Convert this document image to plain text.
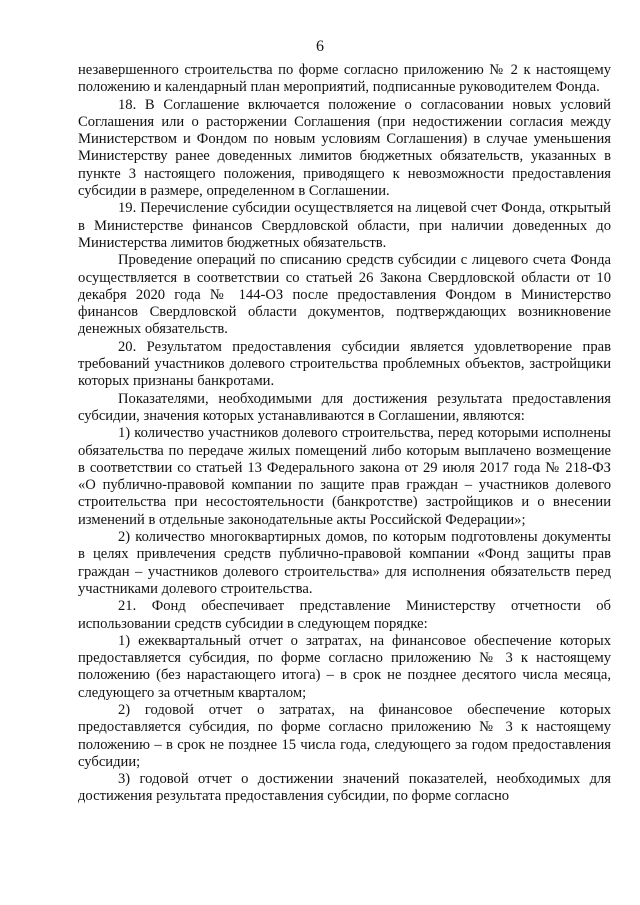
6

незавершенного строительства по форме согласно приложению № 2 к настоящему положению и календарный план мероприятий, подписанные руководителем Фонда.

18. В Соглашение включается положение о согласовании новых условий Соглашения или о расторжении Соглашения (при недостижении согласия между Министерством и Фондом по новым условиям Соглашения) в случае уменьшения Министерству ранее доведенных лимитов бюджетных обязательств, указанных в пункте 3 настоящего положения, приводящего к невозможности предоставления субсидии в размере, определенном в Соглашении.

19. Перечисление субсидии осуществляется на лицевой счет Фонда, открытый в Министерстве финансов Свердловской области, при наличии доведенных до Министерства лимитов бюджетных обязательств.

Проведение операций по списанию средств субсидии с лицевого счета Фонда осуществляется в соответствии со статьей 26 Закона Свердловской области от 10 декабря 2020 года № 144-ОЗ после предоставления Фондом в Министерство финансов Свердловской области документов, подтверждающих возникновение денежных обязательств.

20. Результатом предоставления субсидии является удовлетворение прав требований участников долевого строительства проблемных объектов, застройщики которых признаны банкротами.

Показателями, необходимыми для достижения результата предоставления субсидии, значения которых устанавливаются в Соглашении, являются:

1) количество участников долевого строительства, перед которыми исполнены обязательства по передаче жилых помещений либо которым выплачено возмещение в соответствии со статьей 13 Федерального закона от 29 июля 2017 года № 218-ФЗ «О публично-правовой компании по защите прав граждан – участников долевого строительства при несостоятельности (банкротстве) застройщиков и о внесении изменений в отдельные законодательные акты Российской Федерации»;

2) количество многоквартирных домов, по которым подготовлены документы в целях привлечения средств публично-правовой компании «Фонд защиты прав граждан – участников долевого строительства» для исполнения обязательств перед участниками долевого строительства.

21. Фонд обеспечивает представление Министерству отчетности об использовании средств субсидии в следующем порядке:

1) ежеквартальный отчет о затратах, на финансовое обеспечение которых предоставляется субсидия, по форме согласно приложению № 3 к настоящему положению (без нарастающего итога) – в срок не позднее десятого числа месяца, следующего за отчетным кварталом;

2) годовой отчет о затратах, на финансовое обеспечение которых предоставляется субсидия, по форме согласно приложению № 3 к настоящему положению – в срок не позднее 15 числа года, следующего за годом предоставления субсидии;

3) годовой отчет о достижении значений показателей, необходимых для достижения результата предоставления субсидии, по форме согласно
